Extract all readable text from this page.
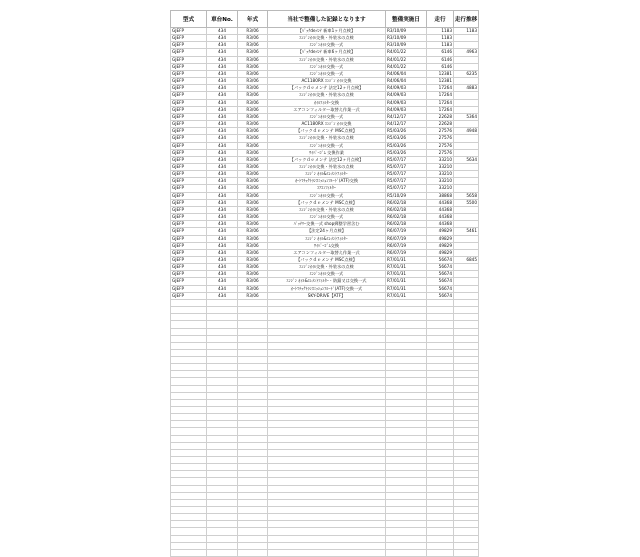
型式	車台No.	年式	当社で整備した記録となります	整備実施日	走行	走行推移
GJEFP	434	R3/06	【ﾊﾟｯｸdeﾒﾝﾃ 新車1ヶ月点検】	R3/10/09	1183	1183
GJEFP	434	R3/06	ｴﾝｼﾞﾝｵｲﾙ交換・外装水の点検	R3/10/09	1183	
GJEFP	434	R3/06	ｴﾝｼﾞﾝｵｲﾙ交換一式	R3/10/09	1183	
GJEFP	434	R3/06	【ﾊﾟｯｸdeﾒﾝﾃ 新車6ヶ月点検】	R4/01/22	6146	4963
GJEFP	434	R3/06	ｴﾝｼﾞﾝｵｲﾙ交換・外装水の点検	R4/01/22	6146	
GJEFP	434	R3/06	ｴﾝｼﾞﾝｵｲﾙ交換一式	R4/01/22	6146	
GJEFP	434	R3/06	ｴﾝｼﾞﾝｵｲﾙ交換一式	R4/06/04	12381	6235
GJEFP	434	R3/06	AC1180RX ｴﾝｼﾞﾝ ｵｲﾙ交換	R4/06/04	12381	
GJEFP	434	R3/06	【パックｄｅメンテ 法定12ヶ月点検】	R4/09/03	17264	4883
GJEFP	434	R3/06	ｴﾝｼﾞﾝｵｲﾙ交換・外装水の点検	R4/09/03	17264	
GJEFP	434	R3/06	ｵｲﾙﾌｨﾙﾀｰ交換	R4/09/03	17264	
GJEFP	434	R3/06	エアコンフィルター取替え作業一式	R4/09/03	17264	
GJEFP	434	R3/06	ｴﾝｼﾞﾝｵｲﾙ交換一式	R4/12/17	22628	5364
GJEFP	434	R3/06	AC1180RX ｴﾝｼﾞﾝ ｵｲﾙ交換	R4/12/17	22628	
GJEFP	434	R3/06	【パックｄｅメンテ MSC点検】	R5/03/26	27576	4948
GJEFP	434	R3/06	ｴﾝｼﾞﾝｵｲﾙ交換・外装水の点検	R5/03/26	27576	
GJEFP	434	R3/06	ｴﾝｼﾞﾝｵｲﾙ交換一式	R5/03/26	27576	
GJEFP	434	R3/06	ﾜｲﾊﾟｰｺﾞﾑ 交換作業	R5/03/26	27576	
GJEFP	434	R3/06	【パックｄｅメンテ 法定12ヶ月点検】	R5/07/17	33210	5634
GJEFP	434	R3/06	ｴﾝｼﾞﾝｵｲﾙ交換・外装水の点検	R5/07/17	33210	
GJEFP	434	R3/06	ｴﾝｼﾞﾝ ｵｲﾙ&ｴﾚﾒﾝﾄﾌｨﾙﾀｰ	R5/07/17	33210	
GJEFP	434	R3/06	ｵｰﾄﾏﾁｯｸﾄﾗﾝｽﾐｯｼｮﾝﾌﾙｰﾄﾞ(ATF)交換	R5/07/17	33210	
GJEFP	434	R3/06	ｴｱｺﾝﾌｨﾙﾀｰ	R5/07/17	33210	
GJEFP	434	R3/06	ｴﾝｼﾞﾝｵｲﾙ交換一式	R5/10/29	38868	5658
GJEFP	434	R3/06	【パックｄｅメンテ MSC点検】	R6/02/18	44368	5500
GJEFP	434	R3/06	ｴﾝｼﾞﾝｵｲﾙ交換・外装水の点検	R6/02/18	44368	
GJEFP	434	R3/06	ｴﾝｼﾞﾝｵｲﾙ交換一式	R6/02/18	44368	
GJEFP	434	R3/06	ﾊﾞｯﾃﾘｰ交換一式 shop郵整学習含む	R6/02/18	44368	
GJEFP	434	R3/06	【法定24ヶ月点検】	R6/07/19	49829	5461
GJEFP	434	R3/06	ｴﾝｼﾞﾝ ｵｲﾙ&ｴﾚﾒﾝﾄﾌｨﾙﾀｰ	R6/07/19	49829	
GJEFP	434	R3/06	ﾜｲﾊﾟｰｺﾞﾑ交換	R6/07/19	49829	
GJEFP	434	R3/06	エアコンフィルター取替え作業一式	R6/07/19	49829	
GJEFP	434	R3/06	【パックｄｅメンテ MSC点検】	R7/01/31	56674	6845
GJEFP	434	R3/06	ｴﾝｼﾞﾝｵｲﾙ交換・外装水の点検	R7/01/31	56674	
GJEFP	434	R3/06	ｴﾝｼﾞﾝｵｲﾙ交換一式	R7/01/31	56674	
GJEFP	434	R3/06	ｴﾝｼﾞﾝ ｵｲﾙ&ｴﾚﾒﾝﾄﾌｨﾙﾀｰ・防錆又は交換一式	R7/01/31	56674	
GJEFP	434	R3/06	ｵｰﾄﾏﾁｯｸﾄﾗﾝｽﾐｯｼｮﾝﾌﾙｰﾄﾞ(ATF)交換一式	R7/01/31	56674	
GJEFP	434	R3/06	SKY-DRIVE【ATF】	R7/01/31	56674	
